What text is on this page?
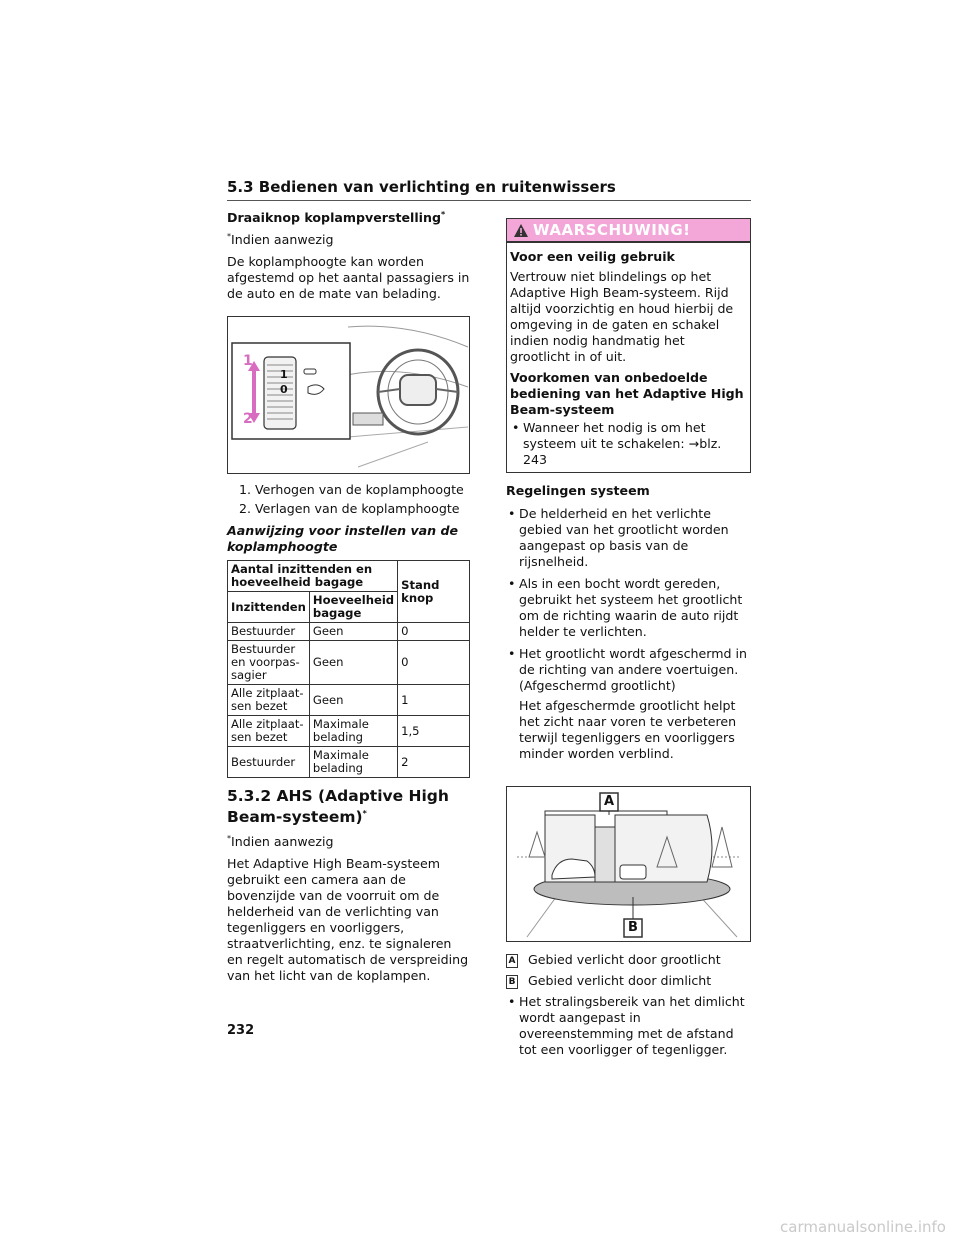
5.3 Bedienen van verlichting en ruitenwissers
Draaiknop koplampverstelling*

*Indien aanwezig

De koplamphoogte kan worden afgestemd op het aantal passagiers in de auto en de mate van belading.

1
2
1
0
1. Verhogen van de koplamphoogte
2. Verlagen van de koplamphoogte
Aanwijzing voor instellen van de koplamphoogte
Aantal inzittenden en hoeveelheid bagage		Stand knop
Inzittenden	Hoeveelheid bagage	
Bestuurder	Geen	0
Bestuurder en voorpas- sagier	Geen	0
Alle zitplaat- sen bezet	Geen	1
Alle zitplaat- sen bezet	Maximale belading	1,5
Bestuurder	Maximale belading	2
5.3.2 AHS (Adaptive High Beam-systeem)*

*Indien aanwezig

Het Adaptive High Beam-systeem gebruikt een camera aan de bovenzijde van de voorruit om de helderheid van de verlichting van tegenliggers en voorliggers, straatverlichting, enz. te signaleren en regelt automatisch de verspreiding van het licht van de koplampen.

WAARSCHUWING!

Voor een veilig gebruik

Vertrouw niet blindelings op het Adaptive High Beam-systeem. Rijd altijd voorzichtig en houd hierbij de omgeving in de gaten en schakel indien nodig handmatig het grootlicht in of uit.

Voorkomen van onbedoelde bediening van het Adaptive High Beam-systeem

• Wanneer het nodig is om het systeem uit te schakelen: →blz. 243
Regelingen systeem
• De helderheid en het verlichte gebied van het grootlicht worden aangepast op basis van de rijsnelheid.
• Als in een bocht wordt gereden, gebruikt het systeem het grootlicht om de richting waarin de auto rijdt helder te verlichten.
• Het grootlicht wordt afgeschermd in de richting van andere voertuigen. (Afgeschermd grootlicht)
Het afgeschermde grootlicht helpt het zicht naar voren te verbeteren terwijl tegenliggers en voorliggers minder worden verblind.
A
B
A Gebied verlicht door grootlicht
B Gebied verlicht door dimlicht
• Het stralingsbereik van het dimlicht wordt aangepast in overeenstemming met de afstand tot een voorligger of tegenligger.
232
carmanualsonline.info
